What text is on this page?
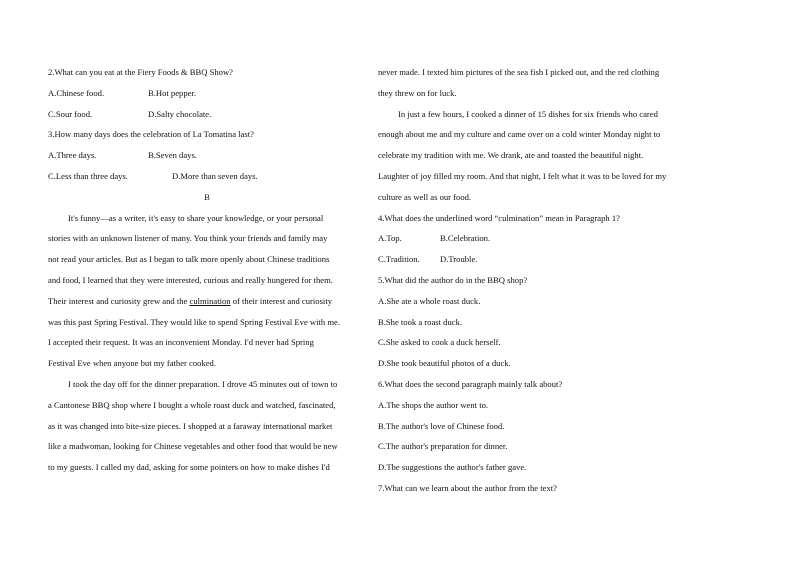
2.What can you eat at the Fiery Foods & BBQ Show?
A.Chinese food.	B.Hot pepper.
C.Sour food.	D.Salty chocolate.
3.How many days does the celebration of La Tomatina last?
A.Three days.	B.Seven days.
C.Less than three days.	D.More than seven days.
B
It's funny—as a writer, it's easy to share your knowledge, or your personal
stories with an unknown listener of many. You think your friends and family may
not read your articles. But as I began to talk more openly about Chinese traditions
and food, I learned that they were interested, curious and really hungered for them.
Their interest and curiosity grew and the culmination of their interest and curiosity
was this past Spring Festival. They would like to spend Spring Festival Eve with me.
I accepted their request. It was an inconvenient Monday. I'd never had Spring
Festival Eve when anyone but my father cooked.
I took the day off for the dinner preparation. I drove 45 minutes out of town to
a Cantonese BBQ shop where I bought a whole roast duck and watched, fascinated,
as it was changed into bite-size pieces. I shopped at a faraway international market
like a madwoman, looking for Chinese vegetables and other food that would be new
to my guests. I called my dad, asking for some pointers on how to make dishes I'd
never made. I texted him pictures of the sea fish I picked out, and the red clothing
they threw on for luck.
In just a few hours, I cooked a dinner of 15 dishes for six friends who cared
enough about me and my culture and came over on a cold winter Monday night to
celebrate my tradition with me. We drank, ate and toasted the beautiful night.
Laughter of joy filled my room. And that night, I felt what it was to be loved for my
culture as well as our food.
4.What does the underlined word “culmination” mean in Paragraph 1?
A.Top.	B.Celebration.
C.Tradition. D.Trouble.
5.What did the author do in the BBQ shop?
A.She ate a whole roast duck.
B.She took a roast duck.
C.She asked to cook a duck herself.
D.She took beautiful photos of a duck.
6.What does the second paragraph mainly talk about?
A.The shops the author went to.
B.The author's love of Chinese food.
C.The author's preparation for dinner.
D.The suggestions the author's father gave.
7.What can we learn about the author from the text?
